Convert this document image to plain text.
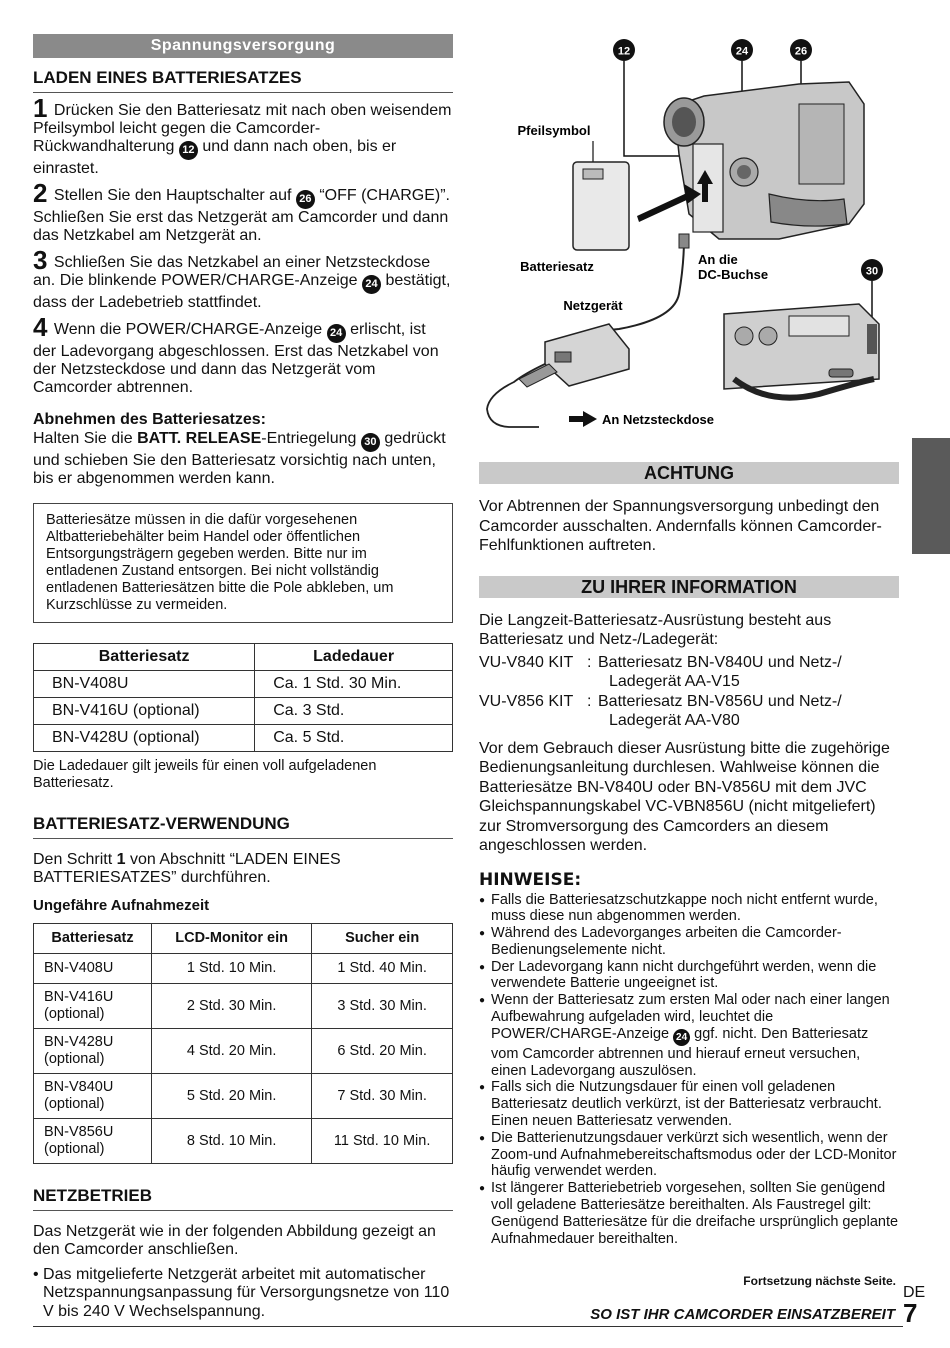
Spannungsversorgung
LADEN EINES BATTERIESATZES
1 Drücken Sie den Batteriesatz mit nach oben weisendem Pfeilsymbol leicht gegen die Camcorder-Rückwandhalterung 12 und dann nach oben, bis er einrastet.
2 Stellen Sie den Hauptschalter auf 26 “OFF (CHARGE)”. Schließen Sie erst das Netzgerät am Camcorder und dann das Netzkabel am Netzgerät an.
3 Schließen Sie das Netzkabel an einer Netzsteckdose an. Die blinkende POWER/CHARGE-Anzeige 24 bestätigt, dass der Ladebetrieb stattfindet.
4 Wenn die POWER/CHARGE-Anzeige 24 erlischt, ist der Ladevorgang abgeschlossen. Erst das Netzkabel von der Netzsteckdose und dann das Netzgerät vom Camcorder abtrennen.

Abnehmen des Batteriesatzes:
Halten Sie die BATT. RELEASE-Entriegelung 30 gedrückt und schieben Sie den Batteriesatz vorsichtig nach unten, bis er abgenommen werden kann.

Batteriesätze müssen in die dafür vorgesehenen Altbatteriebehälter beim Handel oder öffentlichen Entsorgungsträgern gegeben werden. Bitte nur im entladenen Zustand entsorgen. Bei nicht vollständig entladenen Batteriesätzen bitte die Pole abkleben, um Kurzschlüsse zu vermeiden.
Batteriesatz	Ladedauer
BN-V408U	Ca. 1 Std. 30 Min.
BN-V416U (optional)	Ca. 3 Std.
BN-V428U (optional)	Ca. 5 Std.

Die Ladedauer gilt jeweils für einen voll aufgeladenen Batteriesatz.

BATTERIESATZ-VERWENDUNG

Den Schritt 1 von Abschnitt “LADEN EINES BATTERIESATZES” durchführen.

Ungefähre Aufnahmezeit

Batteriesatz	LCD-Monitor ein	Sucher ein
BN-V408U	1 Std. 10 Min.	1 Std. 40 Min.
BN-V416U
(optional)	2 Std. 30 Min.	3 Std. 30 Min.
BN-V428U
(optional)	4 Std. 20 Min.	6 Std. 20 Min.
BN-V840U
(optional)	5 Std. 20 Min.	7 Std. 30 Min.
BN-V856U
(optional)	8 Std. 10 Min.	11 Std. 10 Min.
NETZBETRIEB

Das Netzgerät wie in der folgenden Abbildung gezeigt an den Camcorder anschließen.

• Das mitgelieferte Netzgerät arbeitet mit automatischer Netzspannungsanpassung für Versorgungsnetze von 110 V bis 240 V Wechselspannung.

12	24	26
30
Pfeilsymbol
Batteriesatz	An die
DC-Buchse
Netzgerät
An Netzsteckdose
ACHTUNG

Vor Abtrennen der Spannungsversorgung unbedingt den Camcorder ausschalten. Andernfalls können Camcorder-Fehlfunktionen auftreten.

ZU IHRER INFORMATION

Die Langzeit-Batteriesatz-Ausrüstung besteht aus Batteriesatz und Netz-/Ladegerät:

VU-V840 KIT : Batteriesatz BN-V840U und Netz-/
Ladegerät AA-V15
VU-V856 KIT : Batteriesatz BN-V856U und Netz-/
Ladegerät AA-V80

Vor dem Gebrauch dieser Ausrüstung bitte die zugehörige Bedienungsanleitung durchlesen. Wahlweise können die Batteriesätze BN-V840U oder BN-V856U mit dem JVC Gleichspannungskabel VC-VBN856U (nicht mitgeliefert) zur Stromversorgung des Camcorders an diesem angeschlossen werden.

HINWEISE:
● Falls die Batteriesatzschutzkappe noch nicht entfernt wurde, muss diese nun abgenommen werden.
● Während des Ladevorganges arbeiten die Camcorder-Bedienungselemente nicht.
● Der Ladevorgang kann nicht durchgeführt werden, wenn die verwendete Batterie ungeeignet ist.
● Wenn der Batteriesatz zum ersten Mal oder nach einer langen Aufbewahrung aufgeladen wird, leuchtet die POWER/CHARGE-Anzeige 24 ggf. nicht. Den Batteriesatz vom Camcorder abtrennen und hierauf erneut versuchen, einen Ladevorgang auszulösen.
● Falls sich die Nutzungsdauer für einen voll geladenen Batteriesatz deutlich verkürzt, ist der Batteriesatz verbraucht. Einen neuen Batteriesatz verwenden.
● Die Batterienutzungsdauer verkürzt sich wesentlich, wenn der Zoom-und Aufnahmebereitschaftsmodus oder der LCD-Monitor häufig verwendet werden.
● Ist längerer Batteriebetrieb vorgesehen, sollten Sie genügend voll geladene Batteriesätze bereithalten. Als Faustregel gilt: Genügend Batteriesätze für die dreifache ursprünglich geplante Aufnahmedauer bereithalten.
Fortsetzung nächste Seite.
DE
SO IST IHR CAMCORDER EINSATZBEREIT 7
